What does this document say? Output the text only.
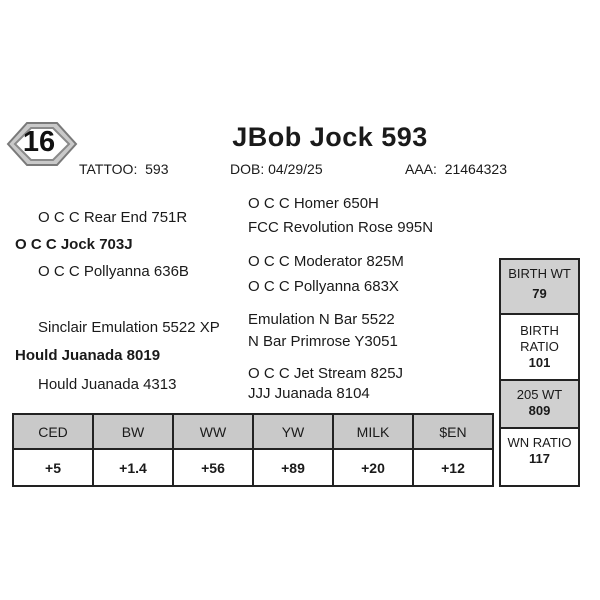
16	JBob Jock 593
TATTOO: 593	DOB: 04/29/25	AAA: 21464323
O C C Homer 650H
O C C Rear End 751R
FCC Revolution Rose 995N
O C C Jock 703J
O C C Moderator 825M
O C C Pollyanna 636B
O C C Pollyanna 683X
Emulation N Bar 5522
Sinclair Emulation 5522 XP
N Bar Primrose Y3051
Hould Juanada 8019
O C C Jet Stream 825J
Hould Juanada 4313
JJJ Juanada 8104
BIRTH WT
79
BIRTH
RATIO
101
205 WT
809
WN RATIO
117
CED	BW	WW	YW	MILK	$EN
+5	+1.4	+56	+89	+20	+12
